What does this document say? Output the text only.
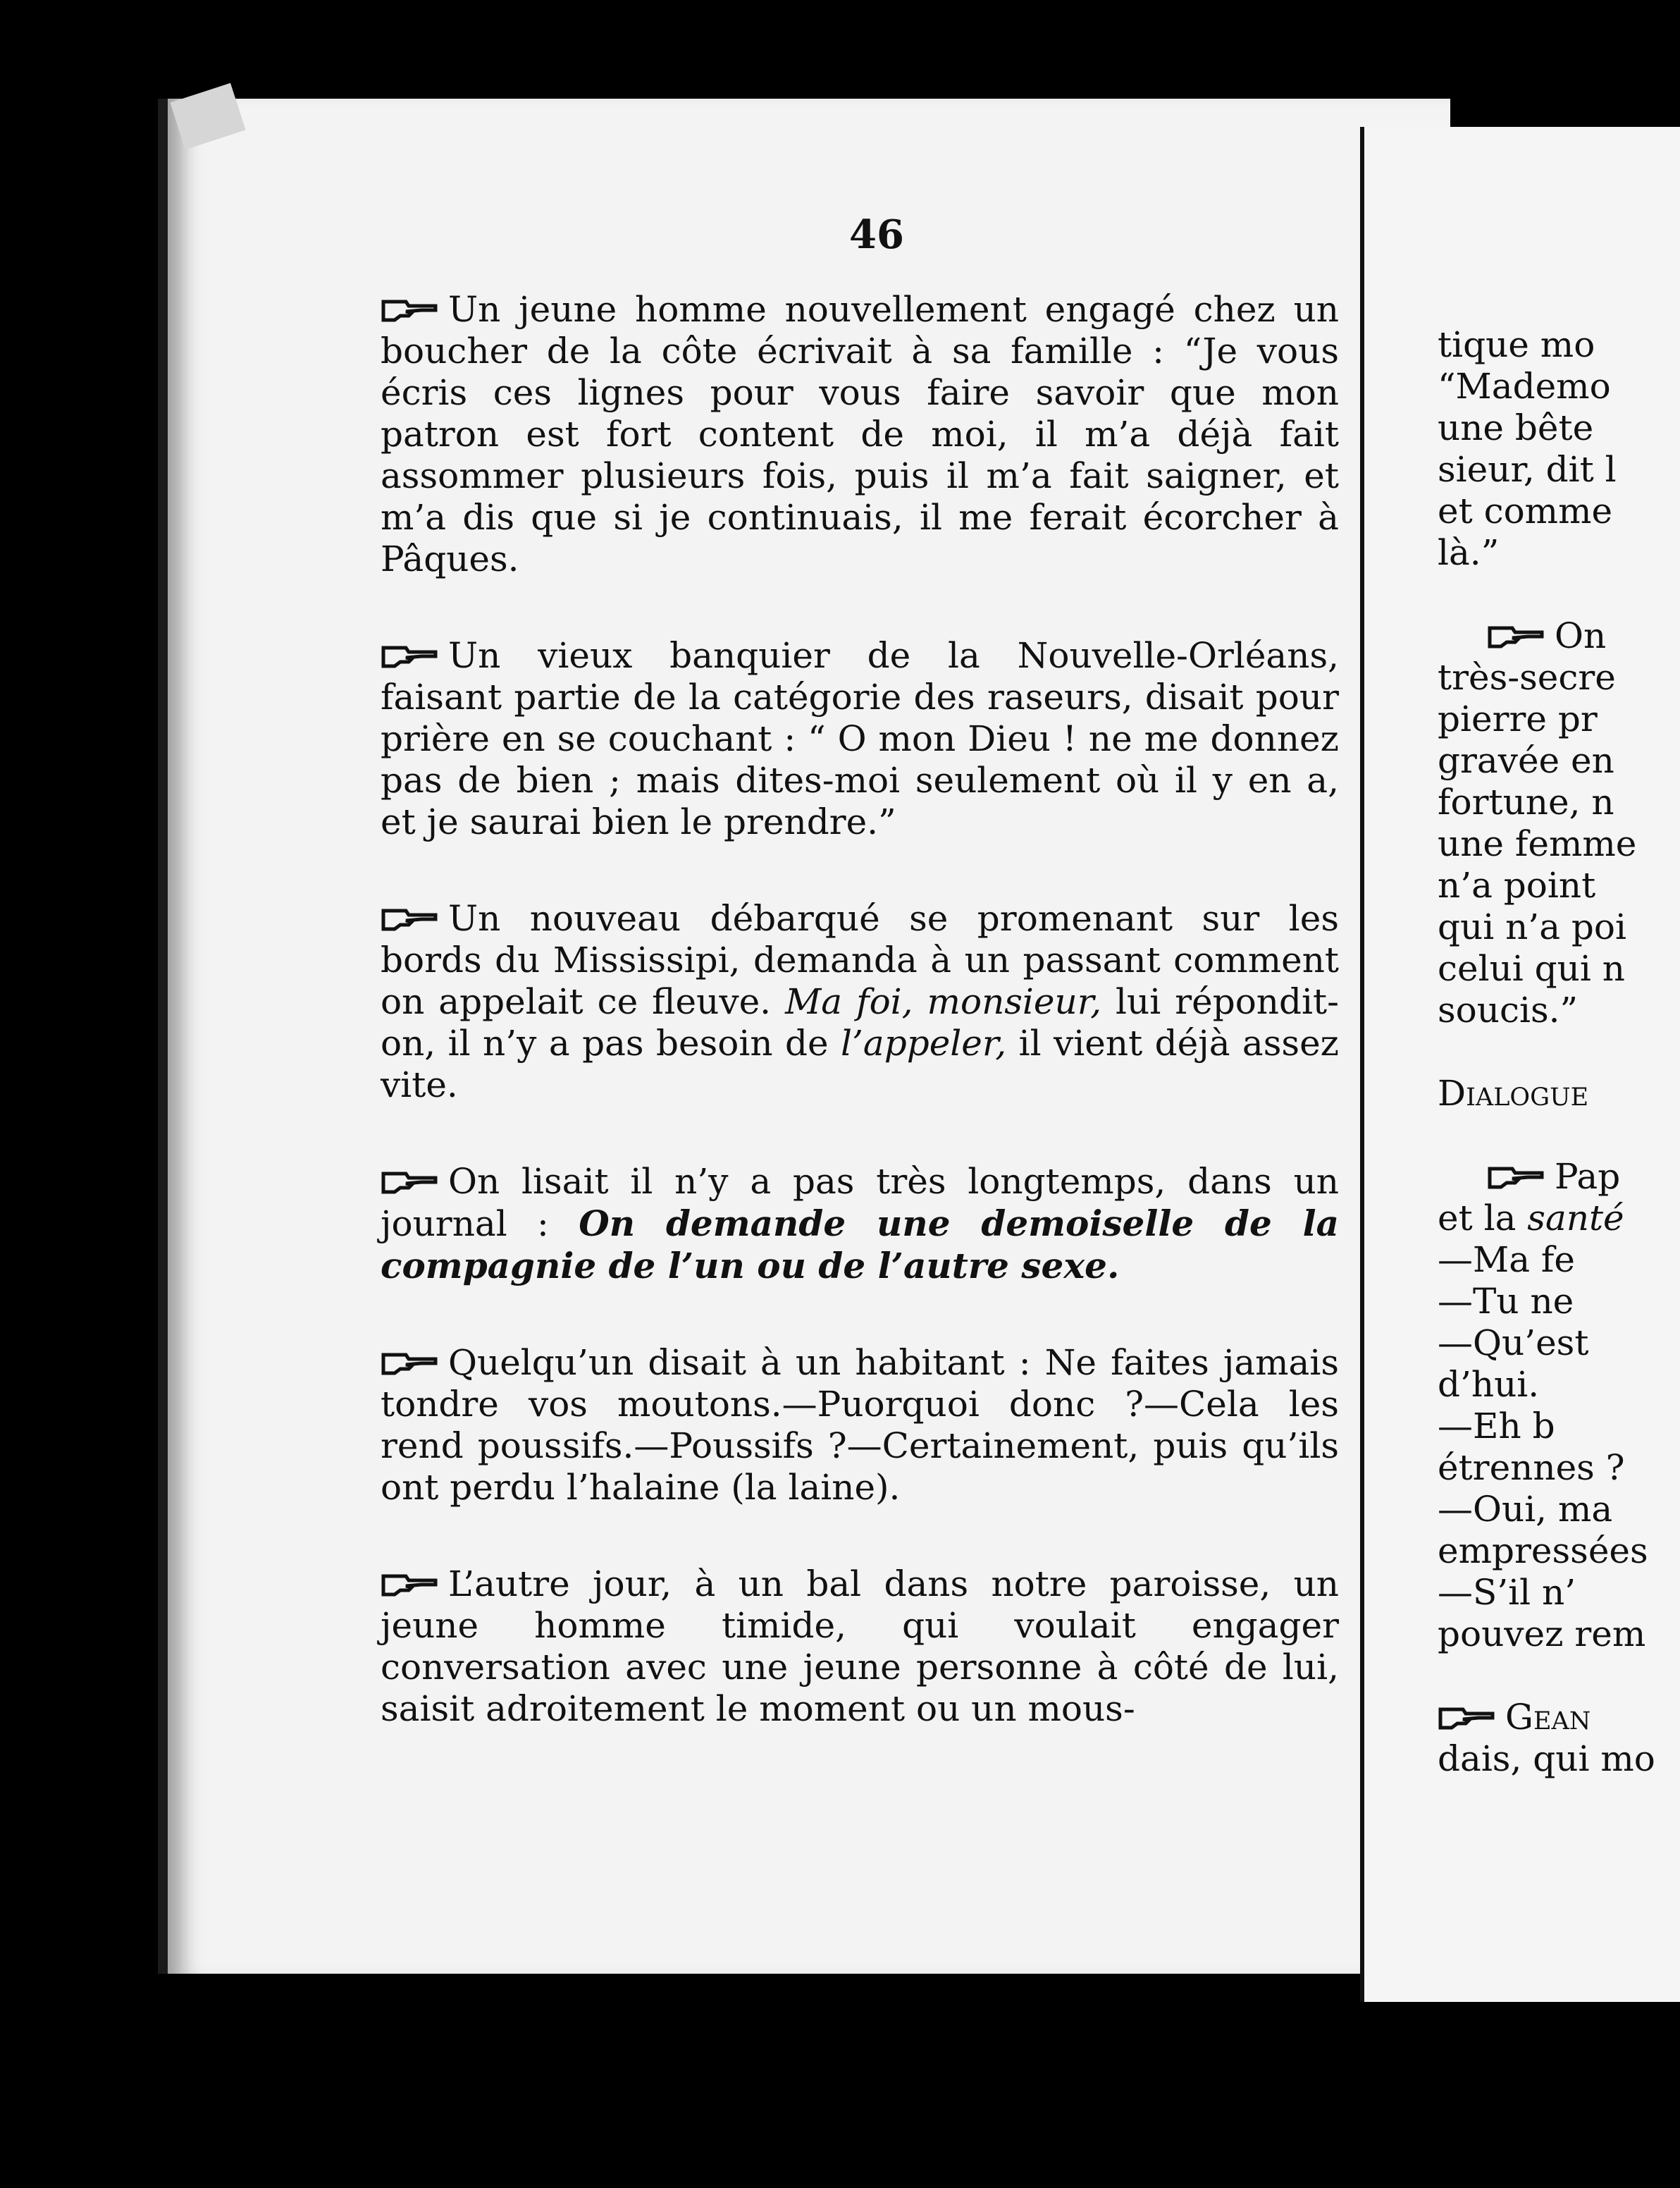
46

Un jeune homme nouvellement engagé chez un boucher de la côte écrivait à sa famille : “Je vous écris ces lignes pour vous faire savoir que mon patron est fort content de moi, il m’a déjà fait assommer plusieurs fois, puis il m’a fait saigner, et m’a dis que si je continuais, il me ferait écorcher à Pâques.

Un vieux banquier de la Nouvelle-Orléans, faisant partie de la catégorie des raseurs, disait pour prière en se couchant : “ O mon Dieu ! ne me donnez pas de bien ; mais dites-moi seulement où il y en a, et je saurai bien le prendre.”

Un nouveau débarqué se promenant sur les bords du Mississipi, demanda à un passant comment on appelait ce fleuve. Ma foi, monsieur, lui répondit-on, il n’y a pas besoin de l’appeler, il vient déjà assez vite.

On lisait il n’y a pas très longtemps, dans un journal : On demande une demoiselle de la compagnie de l’un ou de l’autre sexe.

Quelqu’un disait à un habitant : Ne faites jamais tondre vos moutons.—Puorquoi donc ?—Cela les rend poussifs.—Poussifs ?—Certainement, puis qu’ils ont perdu l’halaine (la laine).

L’autre jour, à un bal dans notre paroisse, un jeune homme timide, qui voulait engager conversation avec une jeune personne à côté de lui, saisit adroitement le moment ou un mous-

tique mo
“Mademo
une bête
sieur, dit l
et comme
là.”
On
très-secre
pierre pr
gravée en
fortune, n
une femme
n’a point
qui n’a poi
celui qui n
soucis.”
Dialogue
Pap
et la santé
—Ma fe
—Tu ne
—Qu’est
d’hui.
—Eh b
étrennes ?
—Oui, ma
empressées
—S’il n’
pouvez rem
Gean
dais, qui mo
